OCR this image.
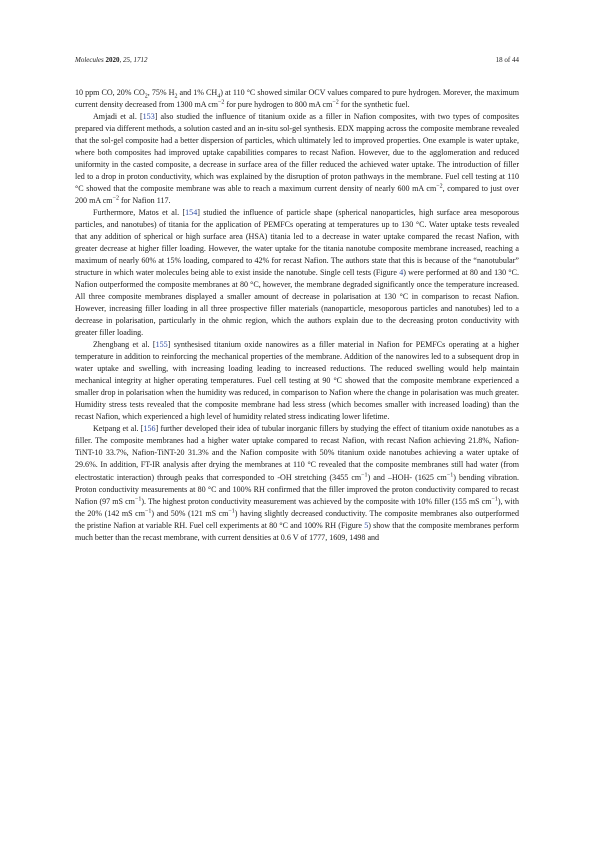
Molecules 2020, 25, 1712	18 of 44

10 ppm CO, 20% $CO_2$, 75% $H_2$ and 1% $CH_4$) at 110 °C showed similar OCV values compared to pure hydrogen. Morever, the maximum current density decreased from 1300 mA $cm^{-2}$ for pure hydrogen to 800 mA $cm^{-2}$ for the synthetic fuel.

Amjadi et al. [153] also studied the influence of titanium oxide as a filler in Nafion composites, with two types of composites prepared via different methods, a solution casted and an in-situ sol-gel synthesis. EDX mapping across the composite membrane revealed that the sol-gel composite had a better dispersion of particles, which ultimately led to improved properties. One example is water uptake, where both composites had improved uptake capabilities compares to recast Nafion. However, due to the agglomeration and reduced uniformity in the casted composite, a decrease in surface area of the filler reduced the achieved water uptake. The introduction of filler led to a drop in proton conductivity, which was explained by the disruption of proton pathways in the membrane. Fuel cell testing at 110 °C showed that the composite membrane was able to reach a maximum current density of nearly 600 mA $cm^{-2}$, compared to just over 200 mA $cm^{-2}$ for Nafion 117.

Furthermore, Matos et al. [154] studied the influence of particle shape (spherical nanoparticles, high surface area mesoporous particles, and nanotubes) of titania for the application of PEMFCs operating at temperatures up to 130 °C. Water uptake tests revealed that any addition of spherical or high surface area (HSA) titania led to a decrease in water uptake compared the recast Nafion, with greater decrease at higher filler loading. However, the water uptake for the titania nanotube composite membrane increased, reaching a maximum of nearly 60% at 15% loading, compared to 42% for recast Nafion. The authors state that this is because of the “nanotubular” structure in which water molecules being able to exist inside the nanotube. Single cell tests (Figure 4) were performed at 80 and 130 °C. Nafion outperformed the composite membranes at 80 °C, however, the membrane degraded significantly once the temperature increased. All three composite membranes displayed a smaller amount of decrease in polarisation at 130 °C in comparison to recast Nafion. However, increasing filler loading in all three prospective filler materials (nanoparticle, mesoporous particles and nanotubes) led to a decrease in polarisation, particularly in the ohmic region, which the authors explain due to the decreasing proton conductivity with greater filler loading.

Zhengbang et al. [155] synthesised titanium oxide nanowires as a filler material in Nafion for PEMFCs operating at a higher temperature in addition to reinforcing the mechanical properties of the membrane. Addition of the nanowires led to a subsequent drop in water uptake and swelling, with increasing loading leading to increased reductions. The reduced swelling would help maintain mechanical integrity at higher operating temperatures. Fuel cell testing at 90 °C showed that the composite membrane experienced a smaller drop in polarisation when the humidity was reduced, in comparison to Nafion where the change in polarisation was much greater. Humidity stress tests revealed that the composite membrane had less stress (which becomes smaller with increased loading) than the recast Nafion, which experienced a high level of humidity related stress indicating lower lifetime.

Ketpang et al. [156] further developed their idea of tubular inorganic fillers by studying the effect of titanium oxide nanotubes as a filler. The composite membranes had a higher water uptake compared to recast Nafion, with recast Nafion achieving 21.8%, Nafion-TiNT-10 33.7%, Nafion-TiNT-20 31.3% and the Nafion composite with 50% titanium oxide nanotubes achieving a water uptake of 29.6%. In addition, FT-IR analysis after drying the membranes at 110 °C revealed that the composite membranes still had water (from electrostatic interaction) through peaks that corresponded to -OH stretching (3455 $cm^{-1}$) and –HOH- (1625 $cm^{-1}$) bending vibration. Proton conductivity measurements at 80 °C and 100% RH confirmed that the filler improved the proton conductivity compared to recast Nafion (97 mS $cm^{-1}$). The highest proton conductivity measurement was achieved by the composite with 10% filler (155 mS $cm^{-1}$), with the 20% (142 mS $cm^{-1}$) and 50% (121 mS $cm^{-1}$) having slightly decreased conductivity. The composite membranes also outperformed the pristine Nafion at variable RH. Fuel cell experiments at 80 °C and 100% RH (Figure 5) show that the composite membranes perform much better than the recast membrane, with current densities at 0.6 V of 1777, 1609, 1498 and
